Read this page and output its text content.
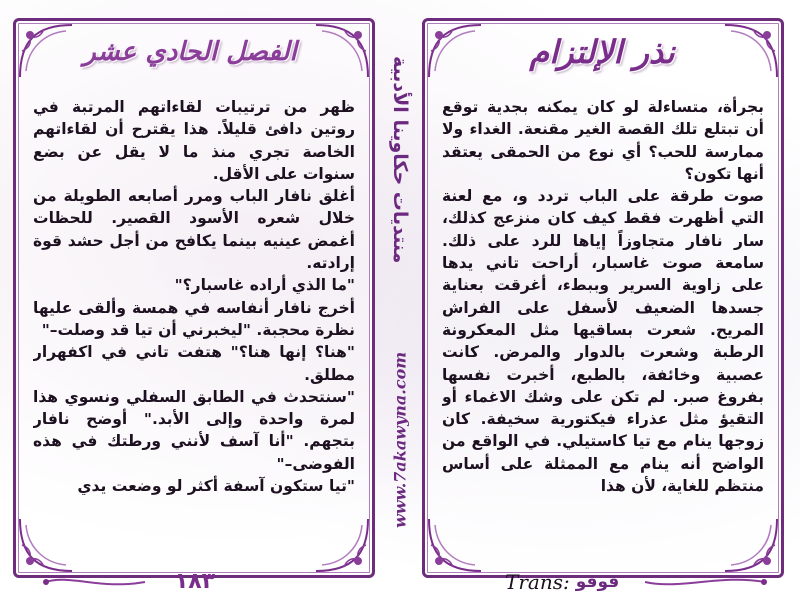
الفصل الحادي عشر	نذر الإلتزام

ظهر من ترتيبات لقاءاتهم المرتبة في روتين دافئ قليلاً. هذا يقترح أن لقاءاتهم الخاصة تجري منذ ما لا يقل عن بضع سنوات على الأقل.

أغلق نافار الباب ومرر أصابعه الطويلة من خلال شعره الأسود القصير. للحظات أغمض عينيه بينما يكافح من أجل حشد قوة إرادته.

"ما الذي أراده غاسبار؟"

أخرج نافار أنفاسه في همسة وألقى عليها نظرة محجبة. "ليخبرني أن تيا قد وصلت–"

"هنا؟ إنها هنا؟" هتفت تاني في اكفهرار مطلق.

"سنتحدث في الطابق السفلي ونسوي هذا لمرة واحدة وإلى الأبد." أوضح نافار بتجهم. "أنا آسف لأنني ورطتك في هذه الفوضى–"

"تيا ستكون آسفة أكثر لو وضعت يدي

بجرأة، متساءلة لو كان يمكنه بجدية توقع أن تبتلع تلك القصة الغير مقنعة. الغداء ولا ممارسة للحب؟ أي نوع من الحمقى يعتقد أنها تكون؟

صوت طرقة على الباب تردد و، مع لعنة التي أظهرت فقط كيف كان منزعج كذلك، سار نافار متجاوزاً إياها للرد على ذلك. سامعة صوت غاسبار، أراحت تاني يدها على زاوية السرير وببطء، أغرقت بعناية جسدها الضعيف لأسفل على الفراش المريح. شعرت بساقيها مثل المعكرونة الرطبة وشعرت بالدوار والمرض. كانت عصبية وخائفة، بالطبع، أخبرت نفسها بفروغ صبر. لم تكن على وشك الاغماء أو التقيؤ مثل عذراء فيكتورية سخيفة. كان زوجها ينام مع تيا كاستيلي. في الواقع من الواضح أنه ينام مع الممثلة على أساس منتظم للغاية، لأن هذا

منتديات حكاوينا الأدبية
www.7akawyna.com
١٨٣	Trans: فوفو
